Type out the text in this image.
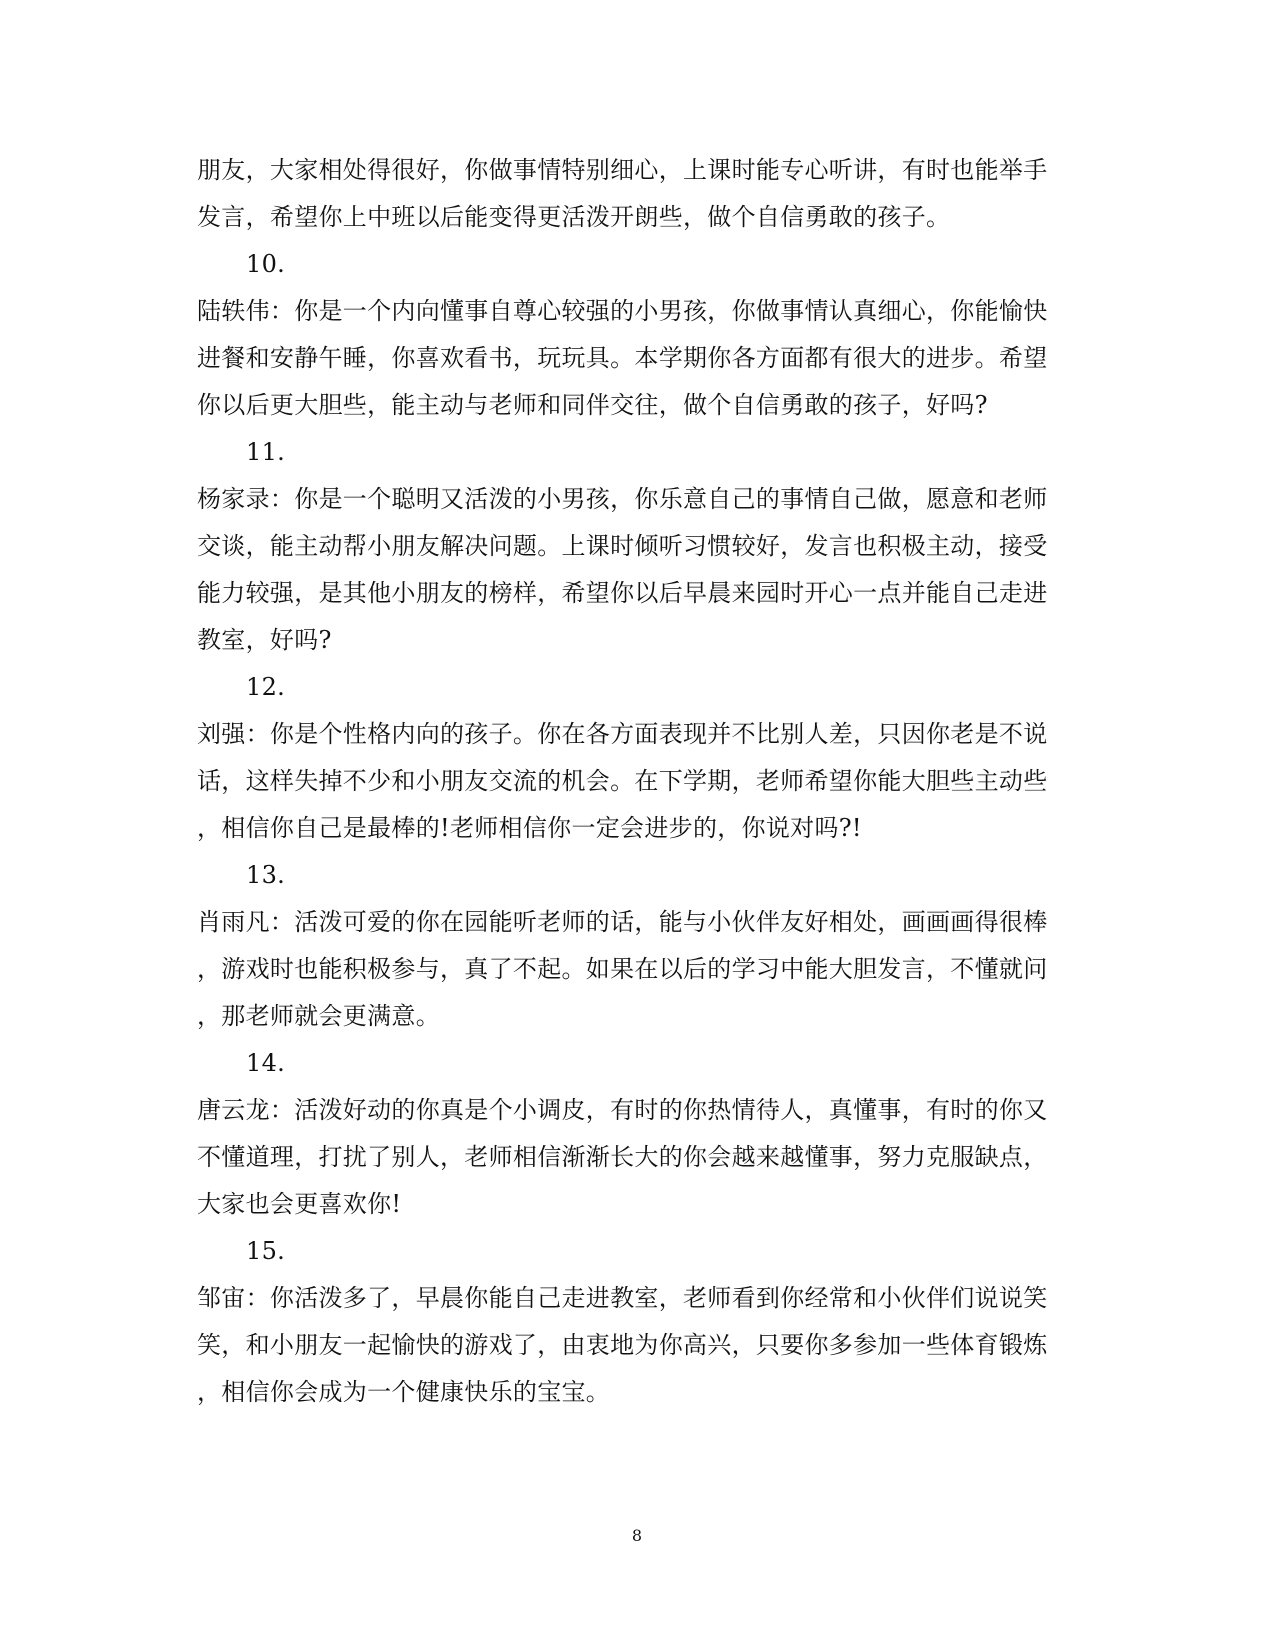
朋友，大家相处得很好，你做事情特别细心，上课时能专心听讲，有时也能举手
发言，希望你上中班以后能变得更活泼开朗些，做个自信勇敢的孩子。
10.
陆轶伟：你是一个内向懂事自尊心较强的小男孩，你做事情认真细心，你能愉快
进餐和安静午睡，你喜欢看书，玩玩具。本学期你各方面都有很大的进步。希望
你以后更大胆些，能主动与老师和同伴交往，做个自信勇敢的孩子，好吗?
11.
杨家录：你是一个聪明又活泼的小男孩，你乐意自己的事情自己做，愿意和老师
交谈，能主动帮小朋友解决问题。上课时倾听习惯较好，发言也积极主动，接受
能力较强，是其他小朋友的榜样，希望你以后早晨来园时开心一点并能自己走进
教室，好吗?
12.
刘强：你是个性格内向的孩子。你在各方面表现并不比别人差，只因你老是不说
话，这样失掉不少和小朋友交流的机会。在下学期，老师希望你能大胆些主动些
，相信你自己是最棒的!老师相信你一定会进步的，你说对吗?!
13.
肖雨凡：活泼可爱的你在园能听老师的话，能与小伙伴友好相处，画画画得很棒
，游戏时也能积极参与，真了不起。如果在以后的学习中能大胆发言，不懂就问
，那老师就会更满意。
14.
唐云龙：活泼好动的你真是个小调皮，有时的你热情待人，真懂事，有时的你又
不懂道理，打扰了别人，老师相信渐渐长大的你会越来越懂事，努力克服缺点，
大家也会更喜欢你!
15.
邹宙：你活泼多了，早晨你能自己走进教室，老师看到你经常和小伙伴们说说笑
笑，和小朋友一起愉快的游戏了，由衷地为你高兴，只要你多参加一些体育锻炼
，相信你会成为一个健康快乐的宝宝。
8
